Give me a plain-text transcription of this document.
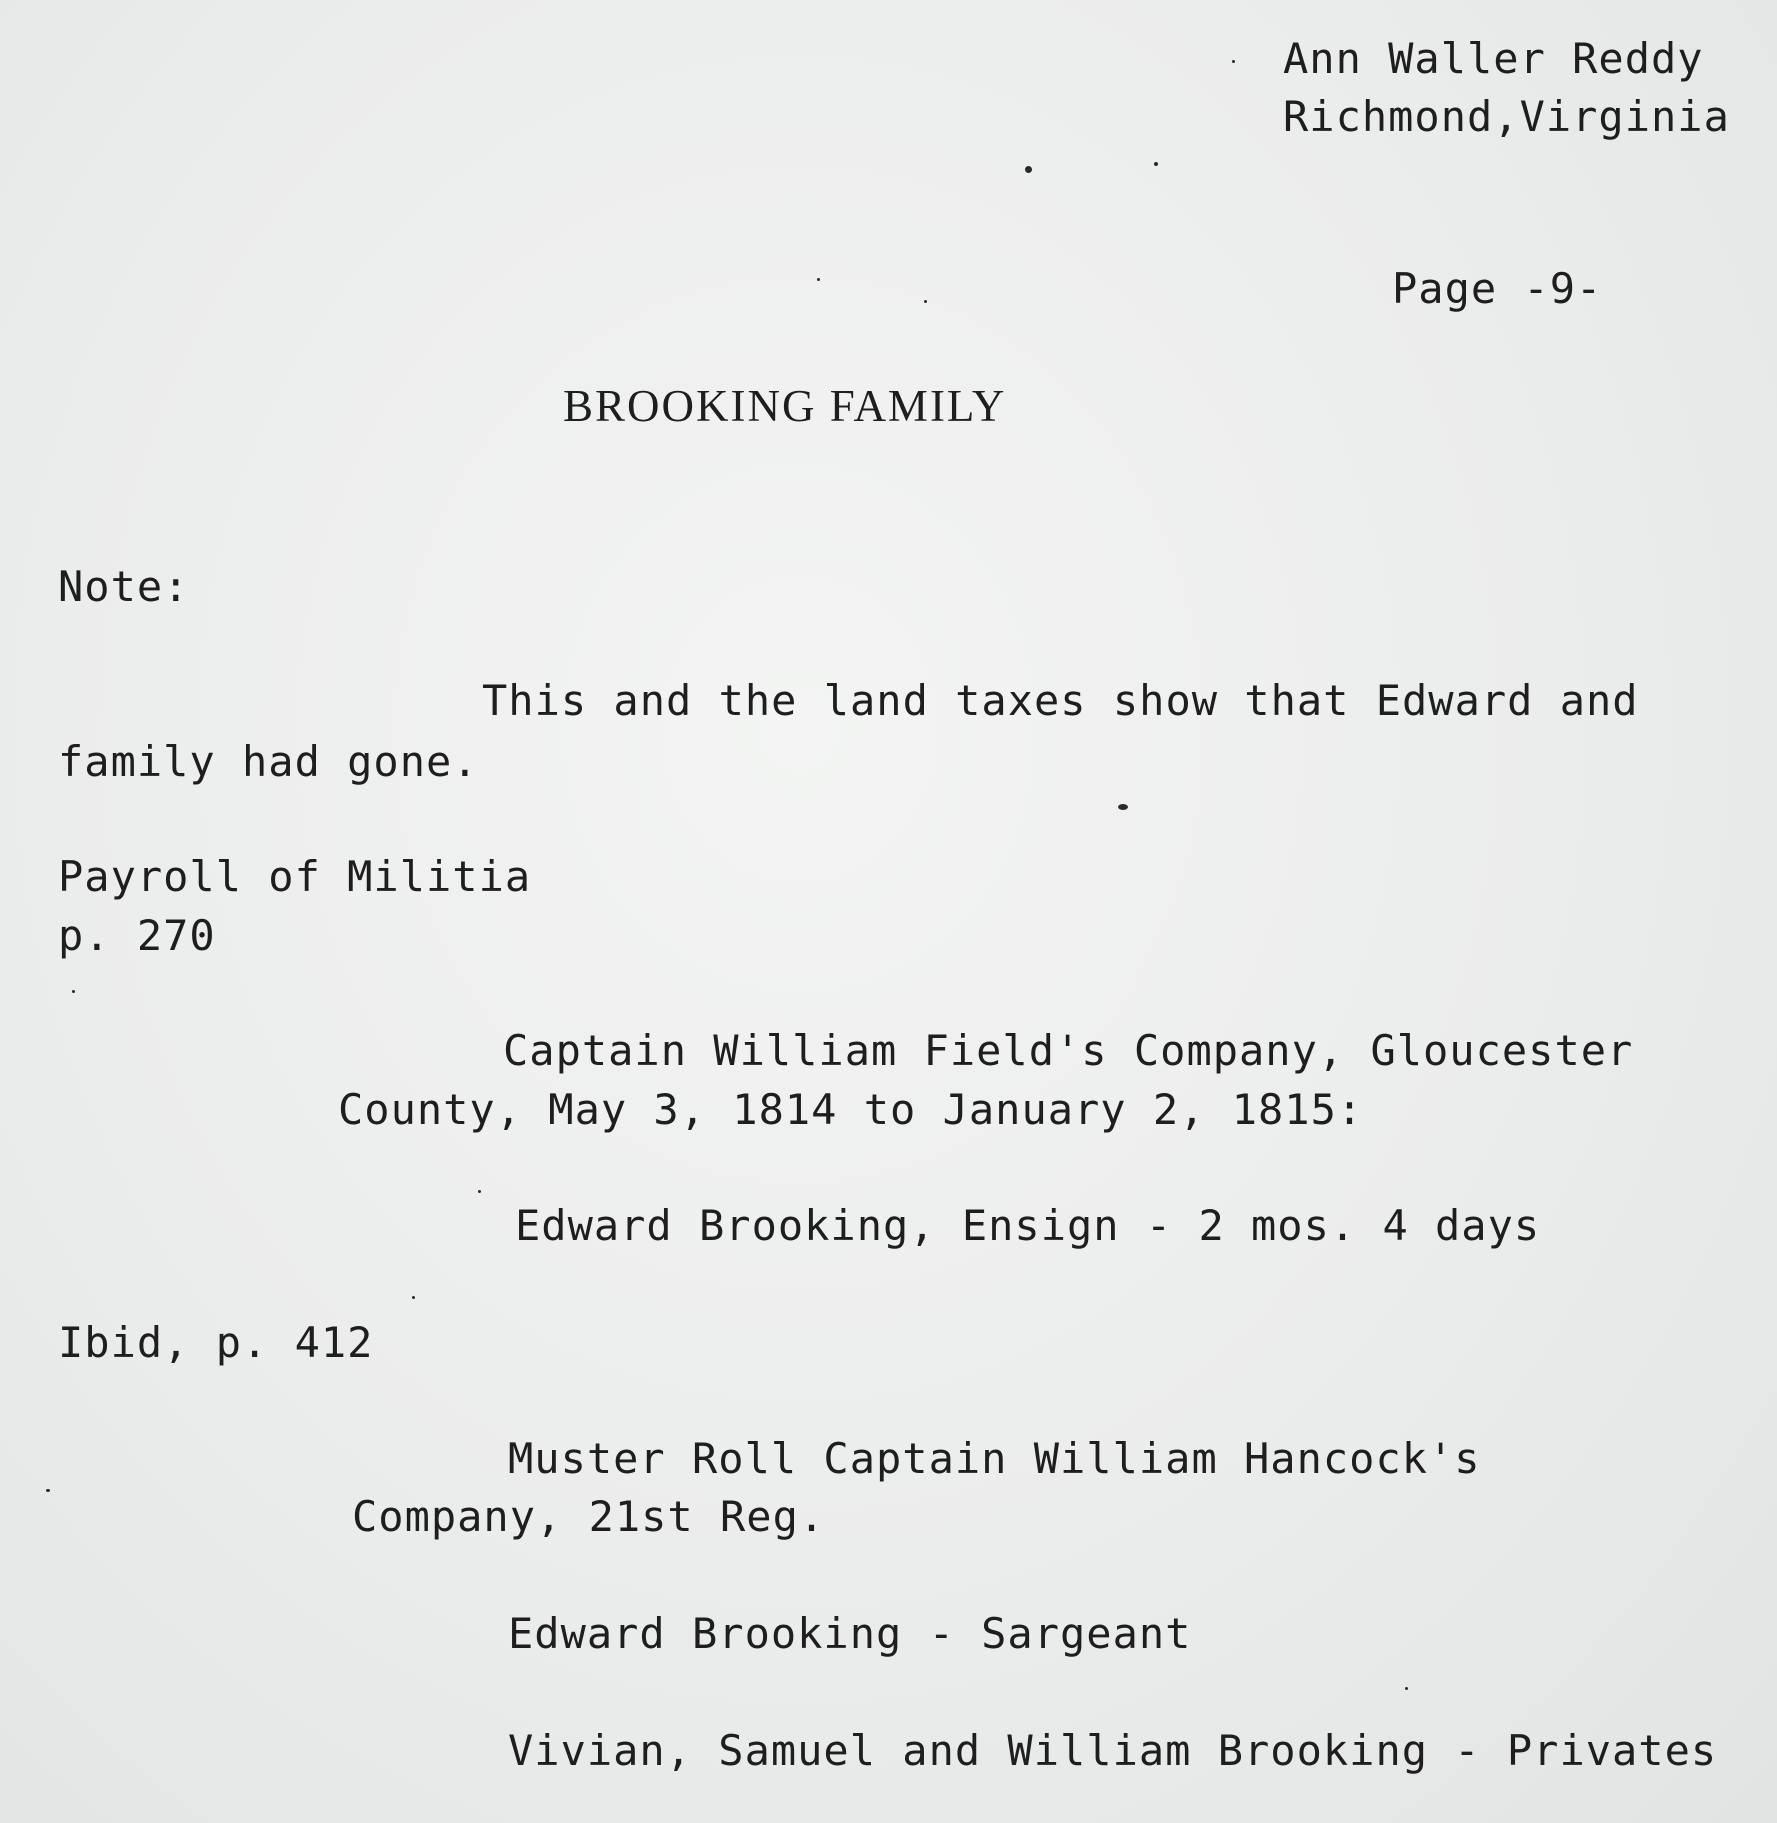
Ann Waller Reddy
Richmond,Virginia
Page -9-
BROOKING FAMILY
Note:
This and the land taxes show that Edward and
family had gone.
Payroll of Militia
p. 270
Captain William Field's Company, Gloucester
County, May 3, 1814 to January 2, 1815:
Edward Brooking, Ensign - 2 mos. 4 days
Ibid, p. 412
Muster Roll Captain William Hancock's
Company, 21st Reg.
Edward Brooking - Sargeant
Vivian, Samuel and William Brooking - Privates
